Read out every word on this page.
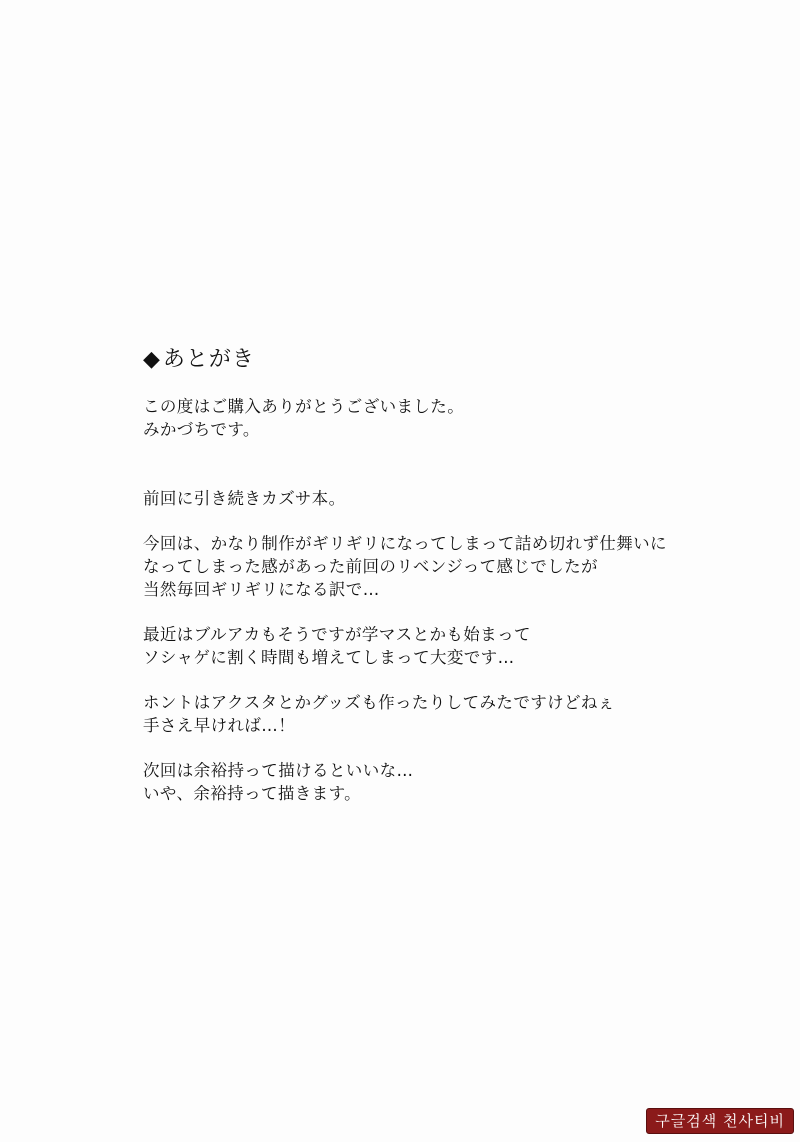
◆あとがき

この度はご購入ありがとうございました。
みかづちです。

前回に引き続きカズサ本。

今回は、かなり制作がギリギリになってしまって詰め切れず仕舞いに
なってしまった感があった前回のリベンジって感じでしたが
当然毎回ギリギリになる訳で…

最近はブルアカもそうですが学マスとかも始まって
ソシャゲに割く時間も増えてしまって大変です…

ホントはアクスタとかグッズも作ったりしてみたですけどねぇ
手さえ早ければ…！

次回は余裕持って描けるといいな…
いや、余裕持って描きます。

구글검색 천사티비
